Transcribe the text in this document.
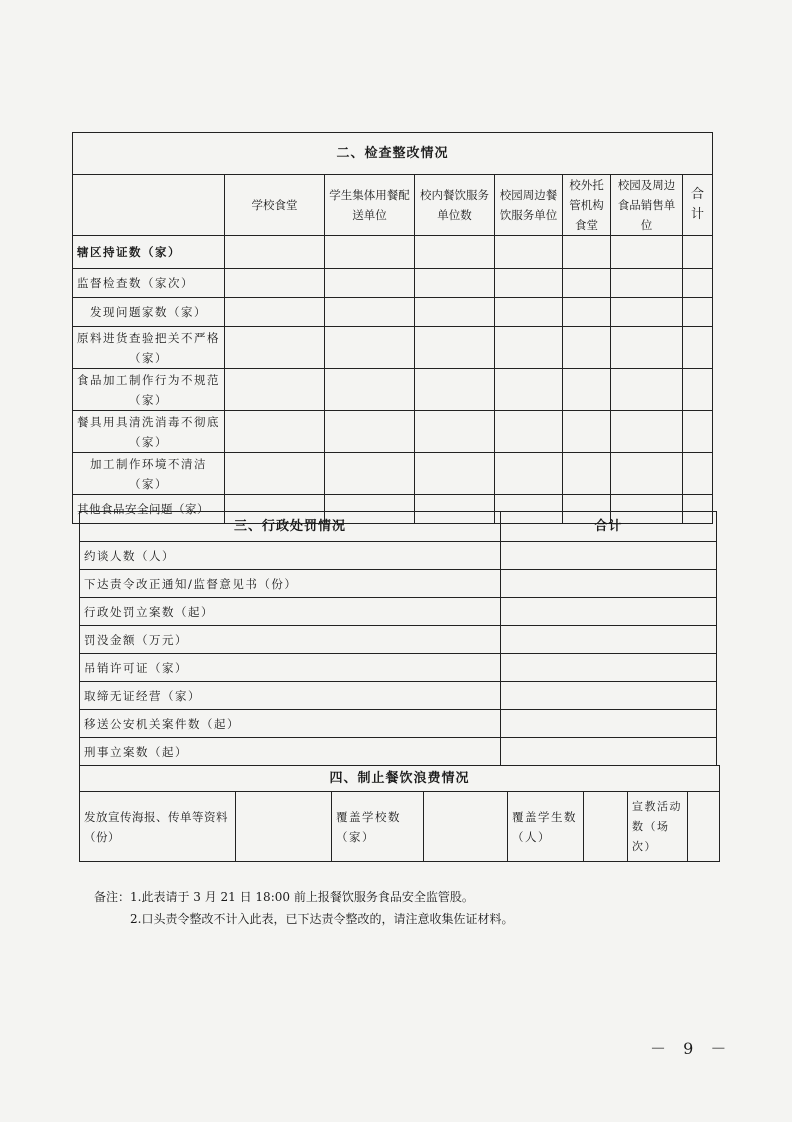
二、检查整改情况							
	学校食堂	学生集体用餐配送单位	校内餐饮服务单位数	校园周边餐饮服务单位	校外托管机构食堂	校园及周边食品销售单位	合计
辖区持证数（家）							
监督检查数（家次）							
发现问题家数（家）							
原料进货查验把关不严格（家）							
食品加工制作行为不规范（家）							
餐具用具清洗消毒不彻底（家）							
加工制作环境不清洁（家）							
其他食品安全问题（家）							
三、行政处罚情况	合计
约谈人数（人）	
下达责令改正通知/监督意见书（份）	
行政处罚立案数（起）	
罚没金额（万元）	
吊销许可证（家）	
取缔无证经营（家）	
移送公安机关案件数（起）	
刑事立案数（起）	
四、制止餐饮浪费情况
发放宣传海报、传单等资料（份）		覆盖学校数（家）		覆盖学生数（人）		宣教活动数（场次）	
备注：1.此表请于 3 月 21 日 18:00 前上报餐饮服务食品安全监管股。
2.口头责令整改不计入此表，已下达责令整改的，请注意收集佐证材料。
－ 9 －
